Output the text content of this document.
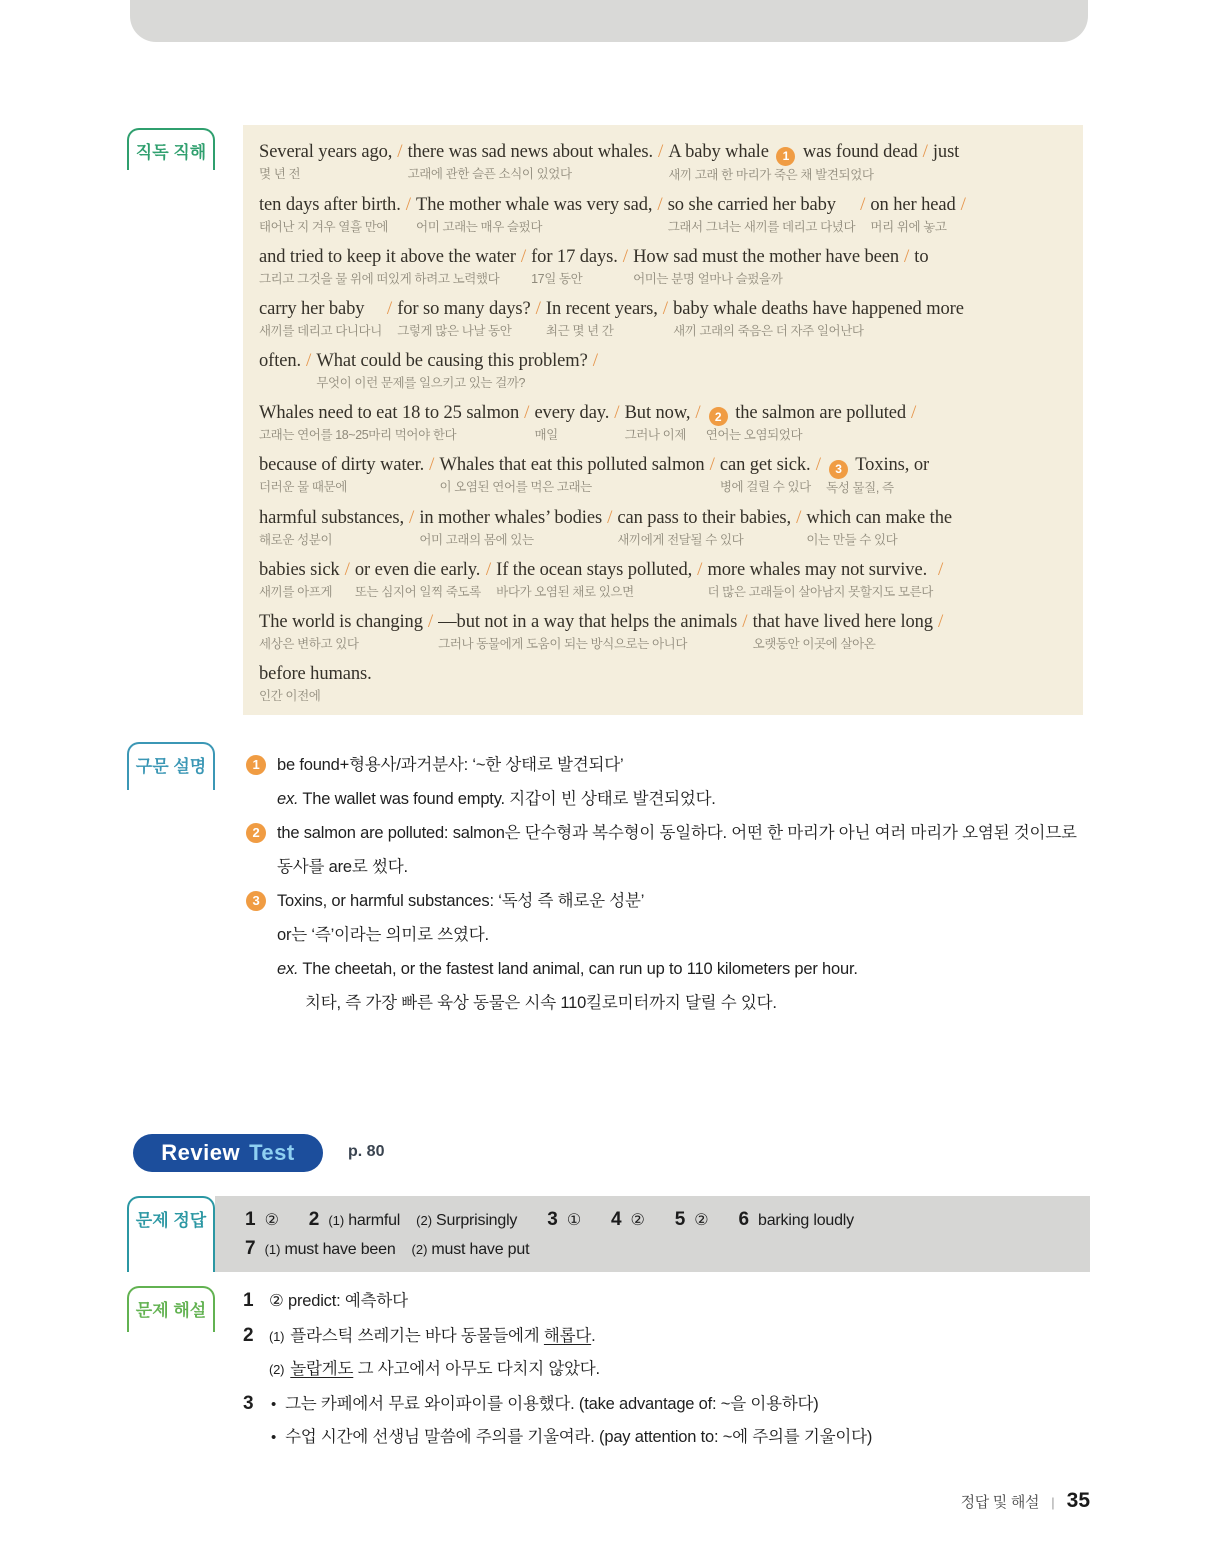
직독 직해	Several years ago,
몇 년 전
/ there was sad news about whales.
고래에 관한 슬픈 소식이 있었다
/ A baby whale 1 was found dead
새끼 고래 한 마리가 죽은 채 발견되었다
/ just

ten days after birth.
태어난 지 겨우 열흘 만에
/ The mother whale was very sad,
어미 고래는 매우 슬펐다
/ so she carried her baby
그래서 그녀는 새끼를 데리고 다녔다
/ on her head
머리 위에 놓고
/
and tried to keep it above the water
그리고 그것을 물 위에 떠있게 하려고 노력했다
/ for 17 days.
17일 동안
/ How sad must the mother have been
어미는 분명 얼마나 슬펐을까
/ to

carry her baby
새끼를 데리고 다니다니
/ for so many days?
그렇게 많은 나날 동안
/ In recent years,
최근 몇 년 간
/ baby whale deaths have happened more
새끼 고래의 죽음은 더 자주 일어난다
often.
/ What could be causing this problem?
무엇이 이런 문제를 일으키고 있는 걸까?
/
Whales need to eat 18 to 25 salmon
고래는 연어를 18~25마리 먹어야 한다
/ every day.
매일
/ But now,
그러나 이제
/	2 the salmon are polluted
연어는 오염되었다
/
because of dirty water.
더러운 물 때문에
/ Whales that eat this polluted salmon
이 오염된 연어를 먹은 고래는
/ can get sick.
병에 걸릴 수 있다
/	3 Toxins, or
독성 물질, 즉
harmful substances,
해로운 성분이
/ in mother whales’ bodies
어미 고래의 몸에 있는
/ can pass to their babies,
새끼에게 전달될 수 있다
/ which can make the
이는 만들 수 있다
babies sick
새끼를 아프게
/ or even die early.
또는 심지어 일찍 죽도록
/ If the ocean stays polluted,
바다가 오염된 채로 있으면
/ more whales may not survive.
더 많은 고래들이 살아남지 못할지도 모른다
/
The world is changing
세상은 변하고 있다
/ —but not in a way that helps the animals
그러나 동물에게 도움이 되는 방식으로는 아니다
/ that have lived here long
오랫동안 이곳에 살아온
/
before humans.
인간 이전에
구문 설명	1	be found+형용사/과거분사: ‘~한 상태로 발견되다’
ex. The wallet was found empty. 지갑이 빈 상태로 발견되었다.
2	the salmon are polluted: salmon은 단수형과 복수형이 동일하다. 어떤 한 마리가 아닌 여러 마리가 오염된 것이므로 동사를 are로 썼다.
3	Toxins, or harmful substances: ‘독성 즉 해로운 성분’
or는 ‘즉’이라는 의미로 쓰였다.
ex. The cheetah, or the fastest land animal, can run up to 110 kilometers per hour.
치타, 즉 가장 빠른 육상 동물은 시속 110킬로미터까지 달릴 수 있다.
Review Test	p. 80
문제 정답	1 ② 2 (1) harmful (2) Surprisingly 3 ① 4 ② 5 ② 6 barking loudly
7 (1) must have been (2) must have put
문제 해설	1 ② predict: 예측하다
2	(1) 플라스틱 쓰레기는 바다 동물들에게 해롭다.
(2) 놀랍게도 그 사고에서 아무도 다치지 않았다.
3	• 그는 카페에서 무료 와이파이를 이용했다. (take advantage of: ~을 이용하다)
• 수업 시간에 선생님 말씀에 주의를 기울여라. (pay attention to: ~에 주의를 기울이다)
정답 및 해설 | 35
